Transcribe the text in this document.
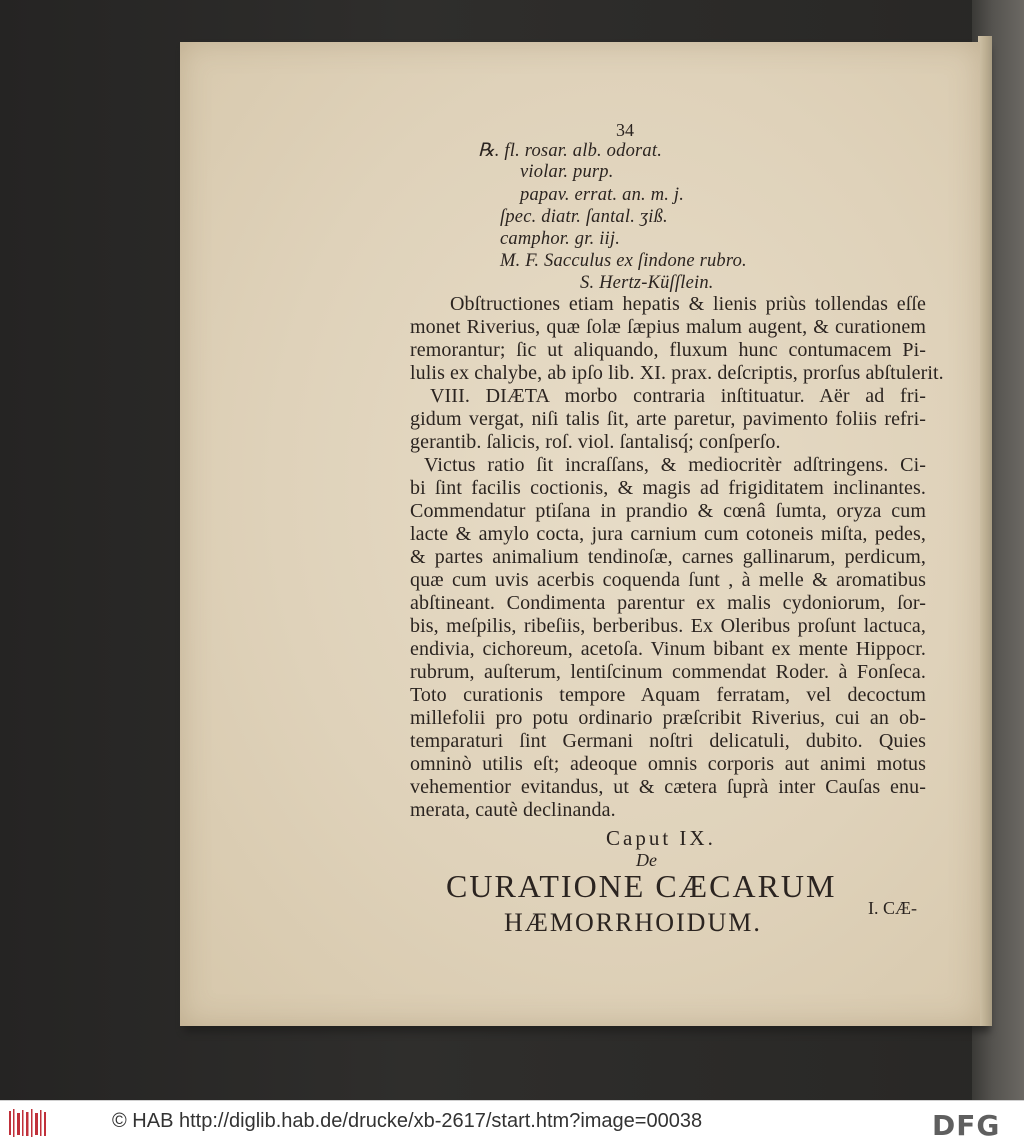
34
℞. fl. rosar. alb. odorat.
violar. purp.
papav. errat. an. m. j.
ſpec. diatr. ſantal. ʒiß.
camphor. gr. iij.
M. F. Sacculus ex ſindone rubro.
S. Hertz-Küſſlein.
Obſtructiones etiam hepatis & lienis priùs tollendas eſſe
monet Riverius, quæ ſolæ ſæpius malum augent, & curationem
remorantur; ſic ut aliquando, fluxum hunc contumacem Pi-
lulis ex chalybe, ab ipſo lib. XI. prax. deſcriptis, prorſus abſtulerit.
VIII. DIÆTA morbo contraria inſtituatur. Aër ad fri-
gidum vergat, niſi talis ſit, arte paretur, pavimento foliis refri-
gerantib. ſalicis, roſ. viol. ſantalisq́; conſperſo.
Victus ratio ſit incraſſans, & mediocritèr adſtringens. Ci-
bi ſint facilis coctionis, & magis ad frigiditatem inclinantes.
Commendatur ptiſana in prandio & cœnâ ſumta, oryza cum
lacte & amylo cocta, jura carnium cum cotoneis miſta, pedes,
& partes animalium tendinoſæ, carnes gallinarum, perdicum,
quæ cum uvis acerbis coquenda ſunt , à melle & aromatibus
abſtineant. Condimenta parentur ex malis cydoniorum, ſor-
bis, meſpilis, ribeſiis, berberibus. Ex Oleribus proſunt lactuca,
endivia, cichoreum, acetoſa. Vinum bibant ex mente Hippocr.
rubrum, auſterum, lentiſcinum commendat Roder. à Fonſeca.
Toto curationis tempore Aquam ferratam, vel decoctum
millefolii pro potu ordinario præſcribit Riverius, cui an ob-
temparaturi ſint Germani noſtri delicatuli, dubito. Quies
omninò utilis eſt; adeoque omnis corporis aut animi motus
vehementior evitandus, ut & cætera ſuprà inter Cauſas enu-
merata, cautè declinanda.
Caput IX.
De
CURATIONE CÆCARUM
HÆMORRHOIDUM.	I. CÆ-
© HAB http://diglib.hab.de/drucke/xb-2617/start.htm?image=00038	DFG
